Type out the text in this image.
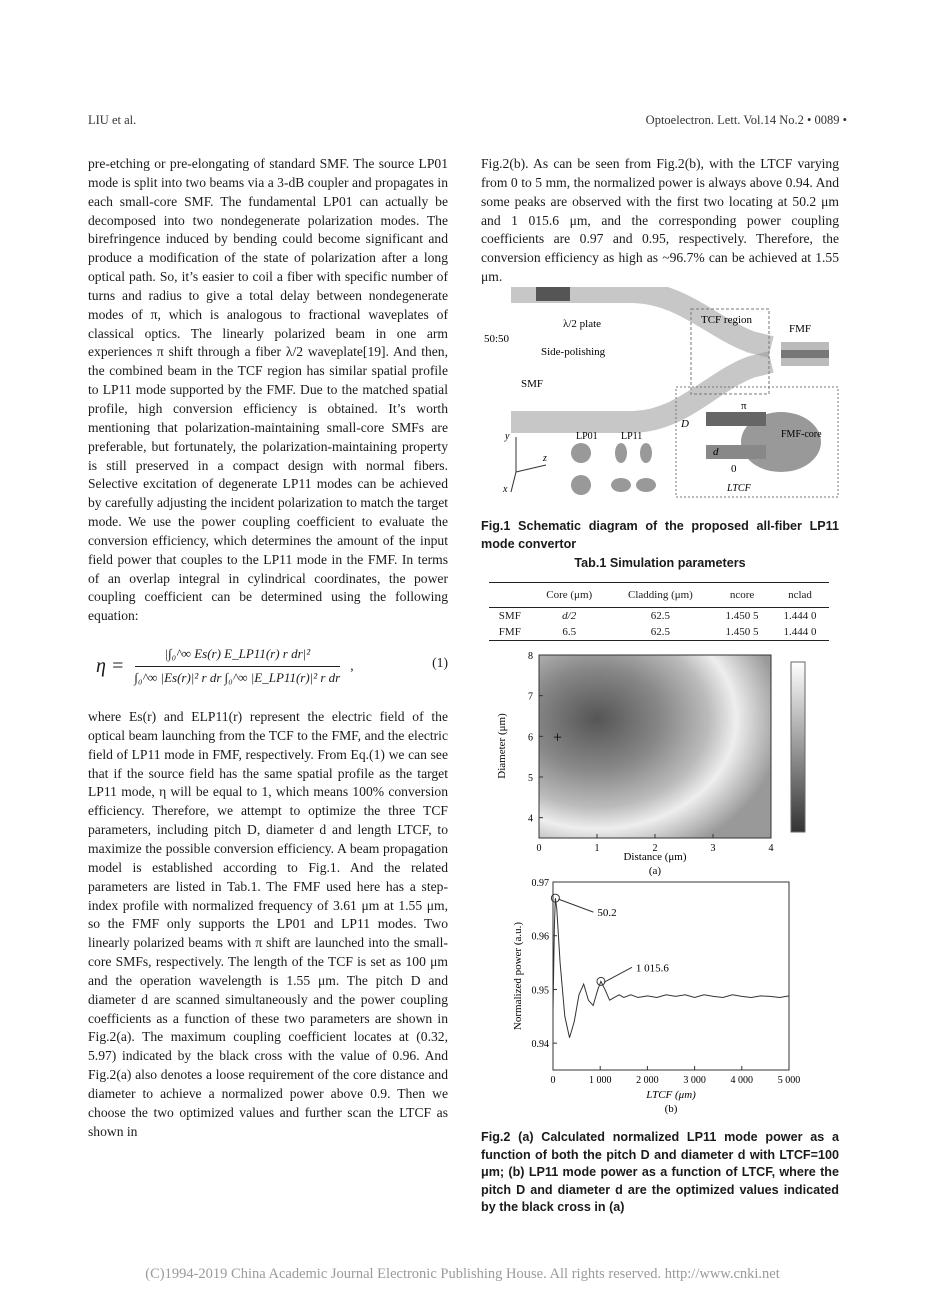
LIU et al.	Optoelectron. Lett. Vol.14 No.2 • 0089 •

pre-etching or pre-elongating of standard SMF. The source LP01 mode is split into two beams via a 3-dB coupler and propagates in each small-core SMF. The fundamental LP01 can actually be decomposed into two nondegenerate polarization modes. The birefringence induced by bending could become significant and produce a modification of the state of polarization after a long optical path. So, it’s easier to coil a fiber with specific number of turns and radius to give a total delay between nondegenerate modes of π, which is analogous to fractional waveplates of classical optics. The linearly polarized beam in one arm experiences π shift through a fiber λ/2 waveplate[19]. And then, the combined beam in the TCF region has similar spatial profile to LP11 mode supported by the FMF. Due to the matched spatial profile, high conversion efficiency is obtained. It’s worth mentioning that polarization-maintaining small-core SMFs are preferable, but fortunately, the polarization-maintaining property is still preserved in a compact design with normal fibers. Selective excitation of degenerate LP11 modes can be achieved by carefully adjusting the incident polarization to match the target mode. We use the power coupling coefficient to evaluate the conversion efficiency, which determines the amount of the input field power that couples to the LP11 mode in the FMF. In terms of an overlap integral in cylindrical coordinates, the power coupling coefficient can be determined using the following equation:

$\eta = \frac{\text{|∫₀\textasciicircum{}∞ Es(r) E\_LP11(r) r dr|²}}{\text{∫₀\textasciicircum{}∞ |Es(r)|² r dr ∫₀\textasciicircum{}∞ |E\_LP11(r)|² r dr}}$ ,	(1)

where Es(r) and ELP11(r) represent the electric field of the optical beam launching from the TCF to the FMF, and the electric field of LP11 mode in FMF, respectively. From Eq.(1) we can see that if the source field has the same spatial profile as the target LP11 mode, η will be equal to 1, which means 100% conversion efficiency. Therefore, we attempt to optimize the three TCF parameters, including pitch D, diameter d and length LTCF, to maximize the possible conversion efficiency. A beam propagation model is established according to Fig.1. And the related parameters are listed in Tab.1. The FMF used here has a step-index profile with normalized frequency of 3.61 μm at 1.55 μm, so the FMF only supports the LP01 and LP11 modes. Two linearly polarized beams with π shift are launched into the small-core SMFs, respectively. The length of the TCF is set as 100 μm and the operation wavelength is 1.55 μm. The pitch D and diameter d are scanned simultaneously and the power coupling coefficients as a function of these two parameters are shown in Fig.2(a). The maximum coupling coefficient locates at (0.32, 5.97) indicated by the black cross with the value of 0.96. And Fig.2(a) also denotes a loose requirement of the core distance and diameter to achieve a normalized power above 0.9. Then we choose the two optimized values and further scan the LTCF as shown in

Fig.2(b). As can be seen from Fig.2(b), with the LTCF varying from 0 to 5 mm, the normalized power is always above 0.94. And some peaks are observed with the first two locating at 50.2 μm and 1 015.6 μm, and the corresponding power coupling coefficients are 0.97 and 0.95, respectively. Therefore, the conversion efficiency as high as ~96.7% can be achieved at 1.55 μm.

λ/2 plate	TCF region
FMF
50:50
Side-polishing
SMF
π
D
d
FMF-core
0
LTCF
LP01 LP11
y
z
x
Fig.1 Schematic diagram of the proposed all-fiber LP11 mode convertor
Tab.1 Simulation parameters
	Core (μm)	Cladding (μm)	ncore	nclad
SMF	d/2	62.5	1.450 5	1.444 0
FMF	6.5	62.5	1.450 5	1.444 0
0	1	2	3	4
4
5
6
7
8
Distance (μm)
(a)
Diameter (μm)	+
0	1 000 2 000 3 000 4 000 5 000
0.94
0.95
0.96
0.97
50.2
1 015.6
LTCF (μm)
(b)
Normalized power (a.u.)
Fig.2 (a) Calculated normalized LP11 mode power as a function of both the pitch D and diameter d with LTCF=100 μm; (b) LP11 mode power as a function of LTCF, where the pitch D and diameter d are the optimized values indicated by the black cross in (a)
(C)1994-2019 China Academic Journal Electronic Publishing House. All rights reserved. http://www.cnki.net
